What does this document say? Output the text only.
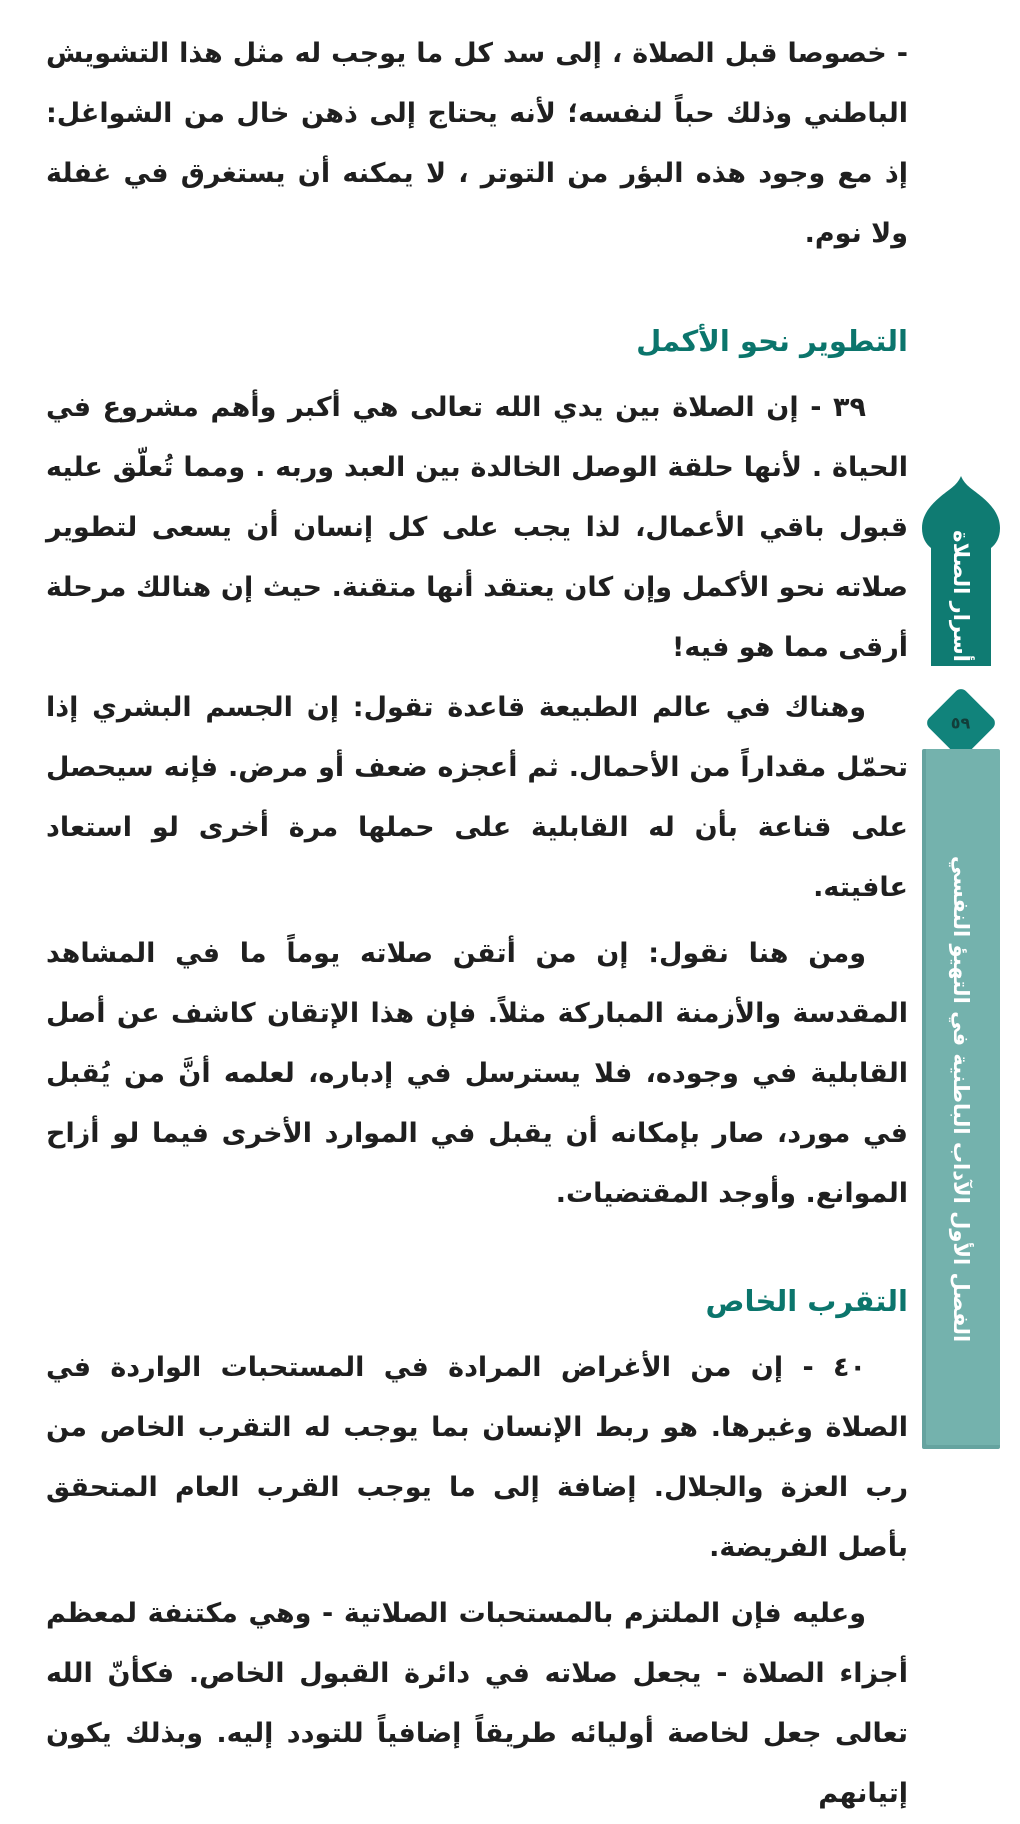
- خصوصا قبل الصلاة ، إلى سد كل ما يوجب له مثل هذا التشويش الباطني وذلك حباً لنفسه؛ لأنه يحتاج إلى ذهن خال من الشواغل: إذ مع وجود هذه البؤر من التوتر ، لا يمكنه أن يستغرق في غفلة ولا نوم.

التطوير نحو الأكمل

٣٩ - إن الصلاة بين يدي الله تعالى هي أكبر وأهم مشروع في الحياة . لأنها حلقة الوصل الخالدة بين العبد وربه . ومما تُعلّق عليه قبول باقي الأعمال، لذا يجب على كل إنسان أن يسعى لتطوير صلاته نحو الأكمل وإن كان يعتقد أنها متقنة. حيث إن هنالك مرحلة أرقى مما هو فيه!

وهناك في عالم الطبيعة قاعدة تقول: إن الجسم البشري إذا تحمّل مقداراً من الأحمال. ثم أعجزه ضعف أو مرض. فإنه سيحصل على قناعة بأن له القابلية على حملها مرة أخرى لو استعاد عافيته.

ومن هنا نقول: إن من أتقن صلاته يوماً ما في المشاهد المقدسة والأزمنة المباركة مثلاً. فإن هذا الإتقان كاشف عن أصل القابلية في وجوده، فلا يسترسل في إدباره، لعلمه أنَّ من يُقبل في مورد، صار بإمكانه أن يقبل في الموارد الأخرى فيما لو أزاح الموانع. وأوجد المقتضيات.

التقرب الخاص

٤٠ - إن من الأغراض المرادة في المستحبات الواردة في الصلاة وغيرها. هو ربط الإنسان بما يوجب له التقرب الخاص من رب العزة والجلال. إضافة إلى ما يوجب القرب العام المتحقق بأصل الفريضة.

وعليه فإن الملتزم بالمستحبات الصلاتية - وهي مكتنفة لمعظم أجزاء الصلاة - يجعل صلاته في دائرة القبول الخاص. فكأنّ الله تعالى جعل لخاصة أوليائه طريقاً إضافياً للتودد إليه. وبذلك يكون إتيانهم

أسرار الصلاة
٥٩
الفصل الأول الآداب الباطنية في التهيؤ النفسي
